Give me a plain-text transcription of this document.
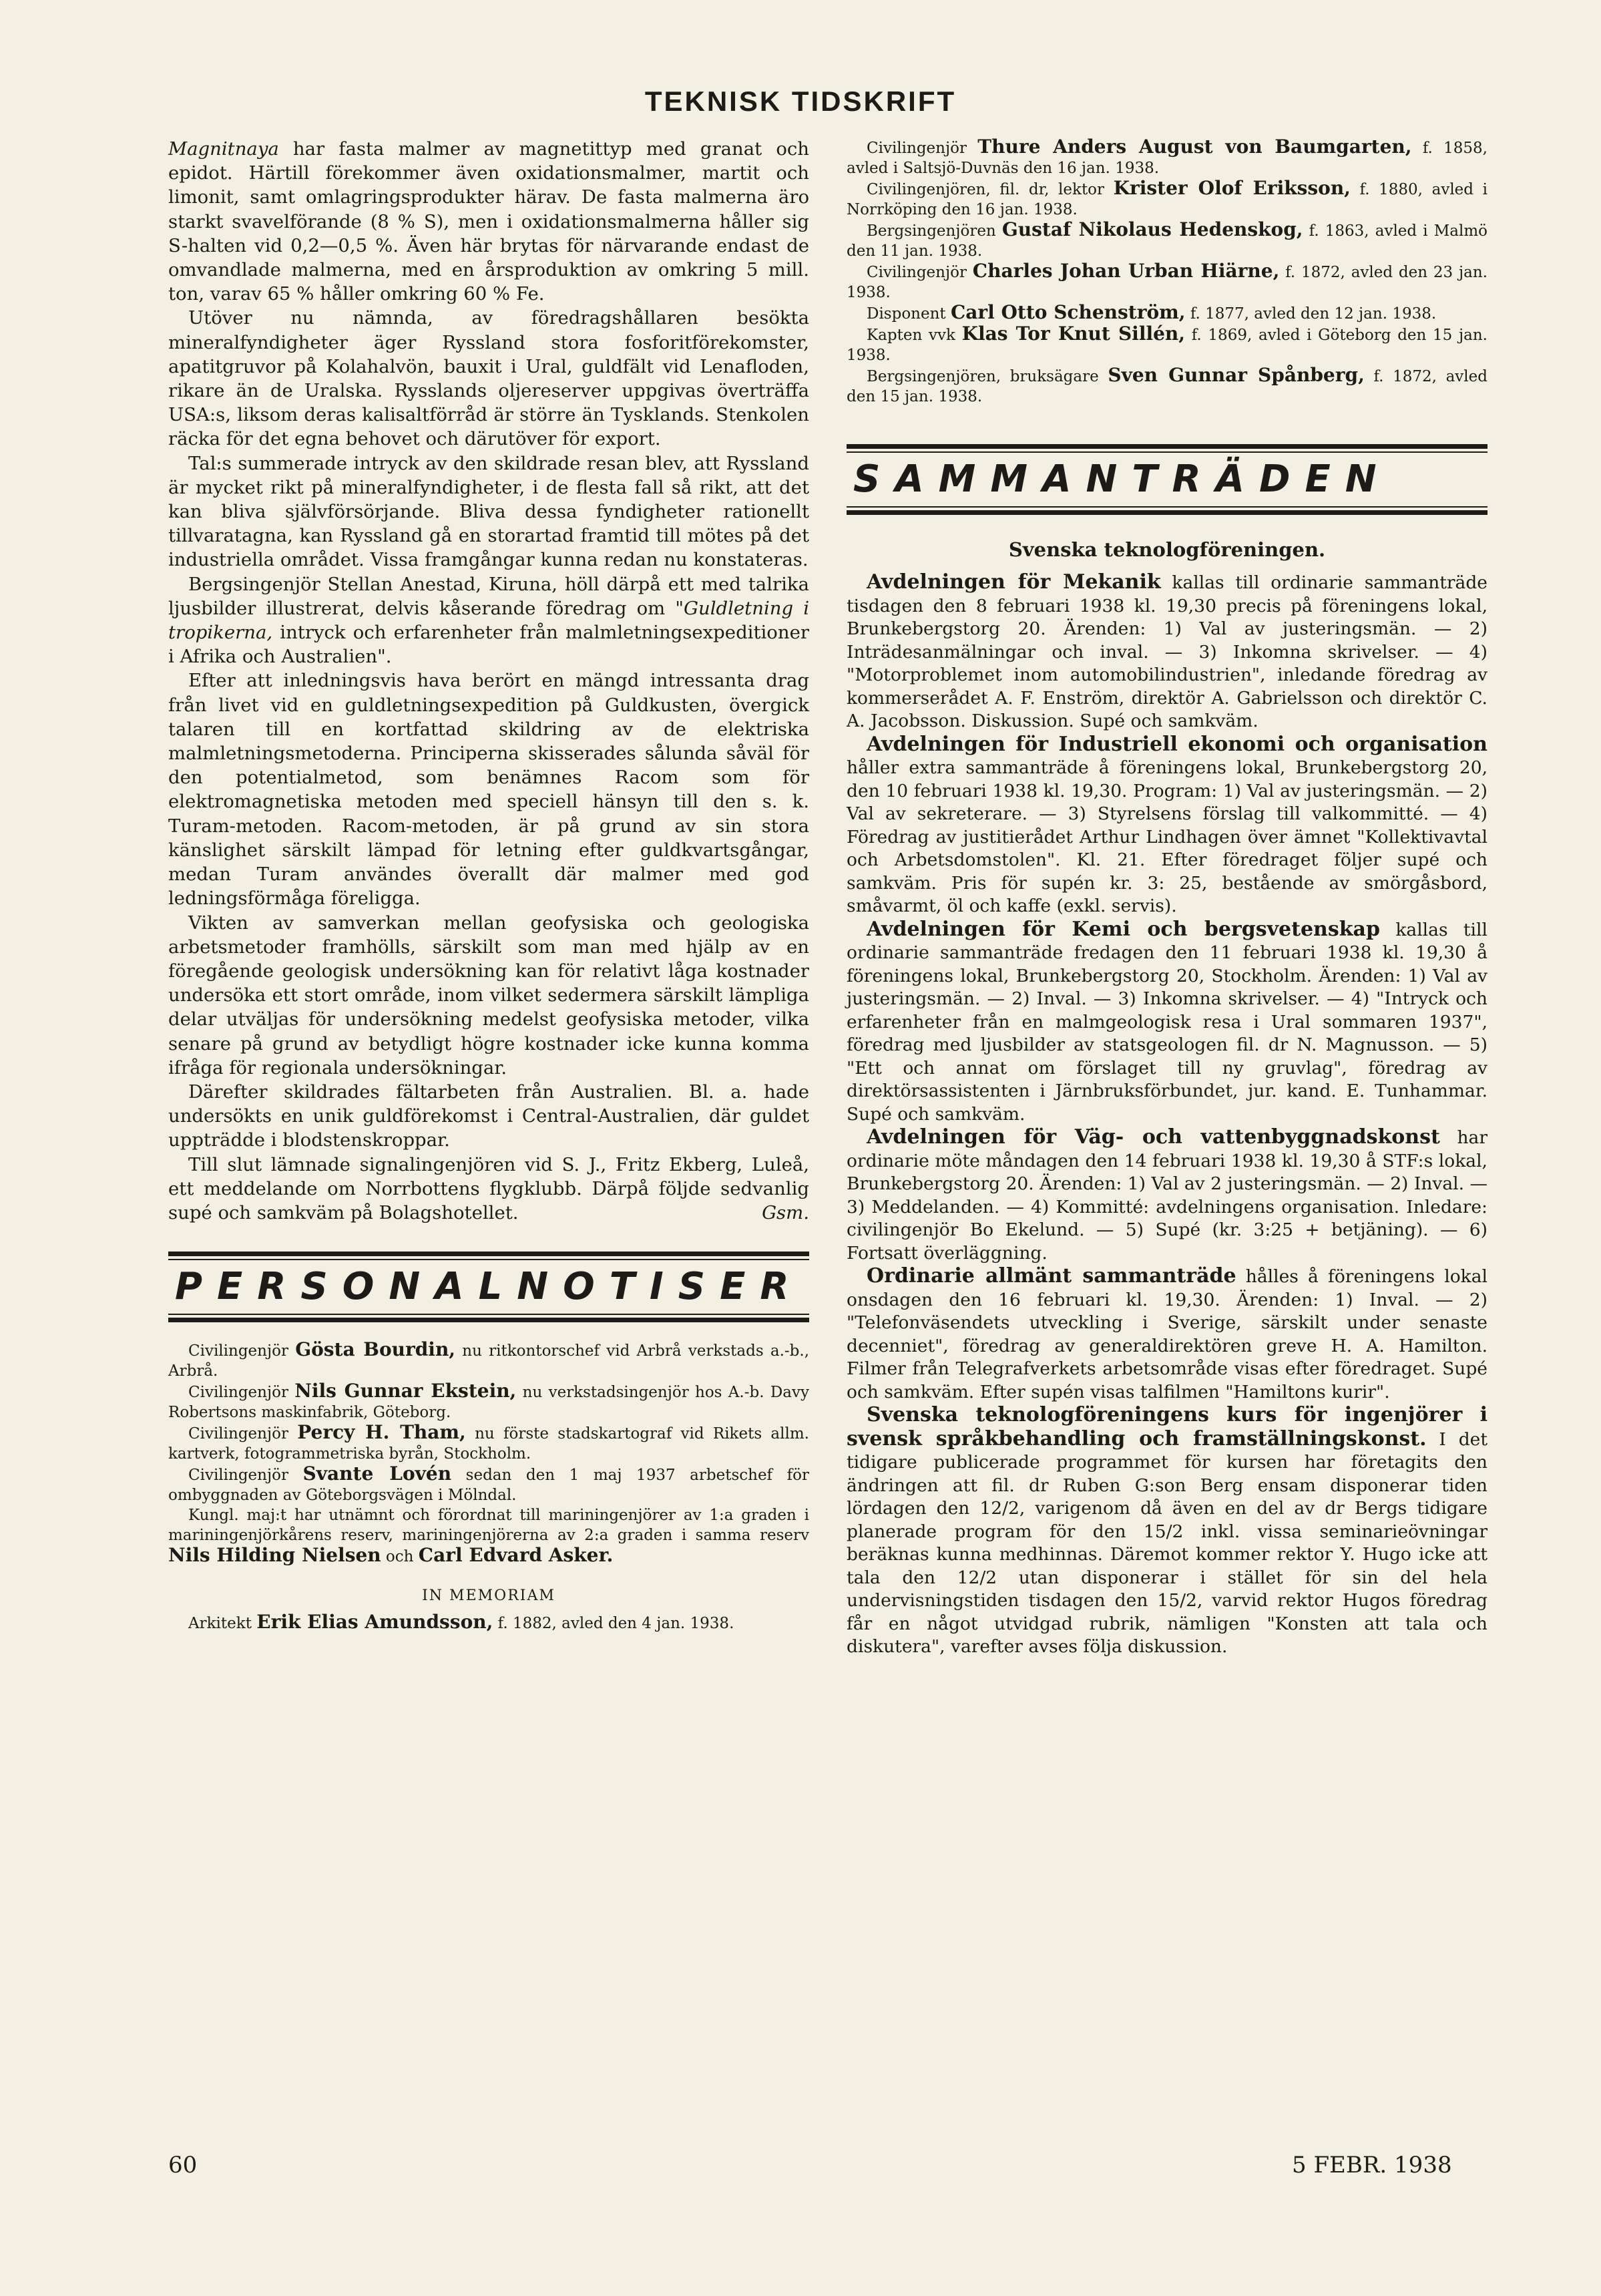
TEKNISK TIDSKRIFT

Magnitnaya har fasta malmer av magnetittyp med granat och epidot. Härtill förekommer även oxidationsmalmer, martit och limonit, samt omlagringsprodukter härav. De fasta malmerna äro starkt svavelförande (8 % S), men i oxidationsmalmerna håller sig S-halten vid 0,2—0,5 %. Även här brytas för närvarande endast de omvandlade malmerna, med en årsproduktion av omkring 5 mill. ton, varav 65 % håller omkring 60 % Fe.

Utöver nu nämnda, av föredragshållaren besökta mineralfyndigheter äger Ryssland stora fosforitförekomster, apatitgruvor på Kolahalvön, bauxit i Ural, guldfält vid Lenafloden, rikare än de Uralska. Rysslands oljereserver uppgivas överträffa USA:s, liksom deras kalisaltförråd är större än Tysklands. Stenkolen räcka för det egna behovet och därutöver för export.

Tal:s summerade intryck av den skildrade resan blev, att Ryssland är mycket rikt på mineralfyndigheter, i de flesta fall så rikt, att det kan bliva självförsörjande. Bliva dessa fyndigheter rationellt tillvaratagna, kan Ryssland gå en storartad framtid till mötes på det industriella området. Vissa framgångar kunna redan nu konstateras.

Bergsingenjör Stellan Anestad, Kiruna, höll därpå ett med talrika ljusbilder illustrerat, delvis kåserande föredrag om "Guldletning i tropikerna, intryck och erfarenheter från malmletningsexpeditioner i Afrika och Australien".

Efter att inledningsvis hava berört en mängd intressanta drag från livet vid en guldletningsexpedition på Guldkusten, övergick talaren till en kortfattad skildring av de elektriska malmletningsmetoderna. Principerna skisserades sålunda såväl för den potentialmetod, som benämnes Racom som för elektromagnetiska metoden med speciell hänsyn till den s. k. Turam-metoden. Racom-metoden, är på grund av sin stora känslighet särskilt lämpad för letning efter guldkvartsgångar, medan Turam användes överallt där malmer med god ledningsförmåga föreligga.

Vikten av samverkan mellan geofysiska och geologiska arbetsmetoder framhölls, särskilt som man med hjälp av en föregående geologisk undersökning kan för relativt låga kostnader undersöka ett stort område, inom vilket sedermera särskilt lämpliga delar utväljas för undersökning medelst geofysiska metoder, vilka senare på grund av betydligt högre kostnader icke kunna komma ifråga för regionala undersökningar.

Därefter skildrades fältarbeten från Australien. Bl. a. hade undersökts en unik guldförekomst i Central-Australien, där guldet uppträdde i blodstenskroppar.

Till slut lämnade signalingenjören vid S. J., Fritz Ekberg, Luleå, ett meddelande om Norrbottens flygklubb. Därpå följde sedvanlig supé och samkväm på Bolagshotellet.	Gsm.

PERSONALNOTISER

Civilingenjör Gösta Bourdin, nu ritkontorschef vid Arbrå verkstads a.-b., Arbrå.

Civilingenjör Nils Gunnar Ekstein, nu verkstadsingenjör hos A.-b. Davy Robertsons maskinfabrik, Göteborg.

Civilingenjör Percy H. Tham, nu förste stadskartograf vid Rikets allm. kartverk, fotogrammetriska byrån, Stockholm.

Civilingenjör Svante Lovén sedan den 1 maj 1937 arbetschef för ombyggnaden av Göteborgsvägen i Mölndal.

Kungl. maj:t har utnämnt och förordnat till mariningenjörer av 1:a graden i mariningenjörkårens reserv, mariningenjörerna av 2:a graden i samma reserv Nils Hilding Nielsen och Carl Edvard Asker.

IN MEMORIAM

Arkitekt Erik Elias Amundsson, f. 1882, avled den 4 jan. 1938.

Civilingenjör Thure Anders August von Baumgarten, f. 1858, avled i Saltsjö-Duvnäs den 16 jan. 1938.

Civilingenjören, fil. dr, lektor Krister Olof Eriksson, f. 1880, avled i Norrköping den 16 jan. 1938.

Bergsingenjören Gustaf Nikolaus Hedenskog, f. 1863, avled i Malmö den 11 jan. 1938.

Civilingenjör Charles Johan Urban Hiärne, f. 1872, avled den 23 jan. 1938.

Disponent Carl Otto Schenström, f. 1877, avled den 12 jan. 1938.

Kapten vvk Klas Tor Knut Sillén, f. 1869, avled i Göteborg den 15 jan. 1938.

Bergsingenjören, bruksägare Sven Gunnar Spånberg, f. 1872, avled den 15 jan. 1938.

SAMMANTRÄDEN
Svenska teknologföreningen.

Avdelningen för Mekanik kallas till ordinarie sammanträde tisdagen den 8 februari 1938 kl. 19,30 precis på föreningens lokal, Brunkebergstorg 20. Ärenden: 1) Val av justeringsmän. — 2) Inträdesanmälningar och inval. — 3) Inkomna skrivelser. — 4) "Motorproblemet inom automobilindustrien", inledande föredrag av kommerserådet A. F. Enström, direktör A. Gabrielsson och direktör C. A. Jacobsson. Diskussion. Supé och samkväm.

Avdelningen för Industriell ekonomi och organisation håller extra sammanträde å föreningens lokal, Brunkebergstorg 20, den 10 februari 1938 kl. 19,30. Program: 1) Val av justeringsmän. — 2) Val av sekreterare. — 3) Styrelsens förslag till valkommitté. — 4) Föredrag av justitierådet Arthur Lindhagen över ämnet "Kollektivavtal och Arbetsdomstolen". Kl. 21. Efter föredraget följer supé och samkväm. Pris för supén kr. 3: 25, bestående av smörgåsbord, småvarmt, öl och kaffe (exkl. servis).

Avdelningen för Kemi och bergsvetenskap kallas till ordinarie sammanträde fredagen den 11 februari 1938 kl. 19,30 å föreningens lokal, Brunkebergstorg 20, Stockholm. Ärenden: 1) Val av justeringsmän. — 2) Inval. — 3) Inkomna skrivelser. — 4) "Intryck och erfarenheter från en malmgeologisk resa i Ural sommaren 1937", föredrag med ljusbilder av statsgeologen fil. dr N. Magnusson. — 5) "Ett och annat om förslaget till ny gruvlag", föredrag av direktörsassistenten i Järnbruksförbundet, jur. kand. E. Tunhammar. Supé och samkväm.

Avdelningen för Väg- och vattenbyggnadskonst har ordinarie möte måndagen den 14 februari 1938 kl. 19,30 å STF:s lokal, Brunkebergstorg 20. Ärenden: 1) Val av 2 justeringsmän. — 2) Inval. — 3) Meddelanden. — 4) Kommitté: avdelningens organisation. Inledare: civilingenjör Bo Ekelund. — 5) Supé (kr. 3:25 + betjäning). — 6) Fortsatt överläggning.

Ordinarie allmänt sammanträde hålles å föreningens lokal onsdagen den 16 februari kl. 19,30. Ärenden: 1) Inval. — 2) "Telefonväsendets utveckling i Sverige, särskilt under senaste decenniet", föredrag av generaldirektören greve H. A. Hamilton. Filmer från Telegrafverkets arbetsområde visas efter föredraget. Supé och samkväm. Efter supén visas talfilmen "Hamiltons kurir".

Svenska teknologföreningens kurs för ingenjörer i svensk språkbehandling och framställningskonst. I det tidigare publicerade programmet för kursen har företagits den ändringen att fil. dr Ruben G:son Berg ensam disponerar tiden lördagen den 12/2, varigenom då även en del av dr Bergs tidigare planerade program för den 15/2 inkl. vissa seminarieövningar beräknas kunna medhinnas. Däremot kommer rektor Y. Hugo icke att tala den 12/2 utan disponerar i stället för sin del hela undervisningstiden tisdagen den 15/2, varvid rektor Hugos föredrag får en något utvidgad rubrik, nämligen "Konsten att tala och diskutera", varefter avses följa diskussion.

60	5 FEBR. 1938
